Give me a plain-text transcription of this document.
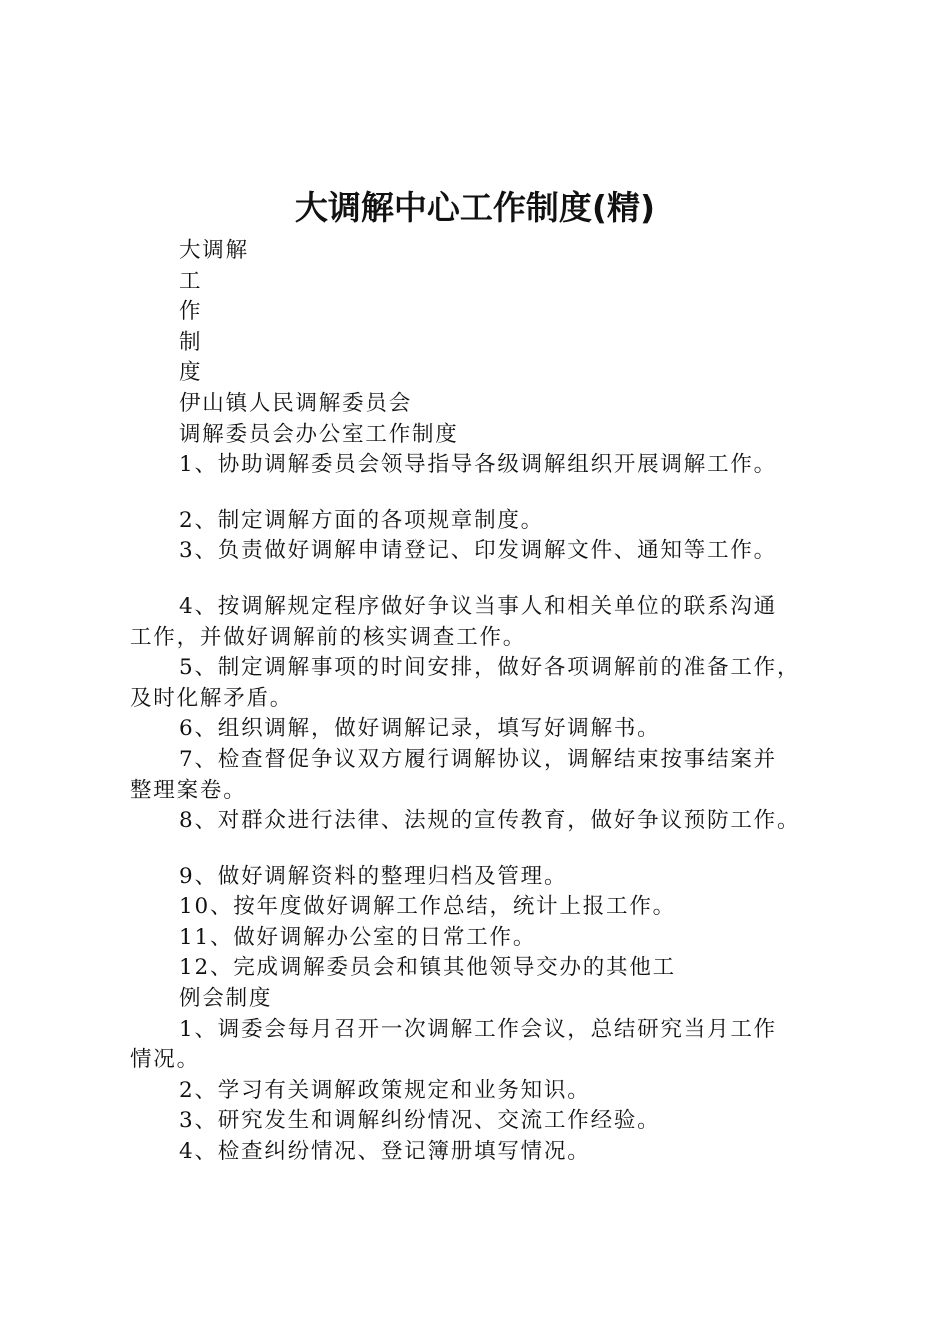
大调解中心工作制度(精)

大调解

工

作

制

度

伊山镇人民调解委员会

调解委员会办公室工作制度

1、协助调解委员会领导指导各级调解组织开展调解工作。

2、制定调解方面的各项规章制度。

3、负责做好调解申请登记、印发调解文件、通知等工作。

4、按调解规定程序做好争议当事人和相关单位的联系沟通

工作，并做好调解前的核实调查工作。

5、制定调解事项的时间安排，做好各项调解前的准备工作，

及时化解矛盾。

6、组织调解，做好调解记录，填写好调解书。

7、检查督促争议双方履行调解协议，调解结束按事结案并

整理案卷。

8、对群众进行法律、法规的宣传教育，做好争议预防工作。

9、做好调解资料的整理归档及管理。

10、按年度做好调解工作总结，统计上报工作。

11、做好调解办公室的日常工作。

12、完成调解委员会和镇其他领导交办的其他工

例会制度

1、调委会每月召开一次调解工作会议，总结研究当月工作

情况。

2、学习有关调解政策规定和业务知识。

3、研究发生和调解纠纷情况、交流工作经验。

4、检查纠纷情况、登记簿册填写情况。
